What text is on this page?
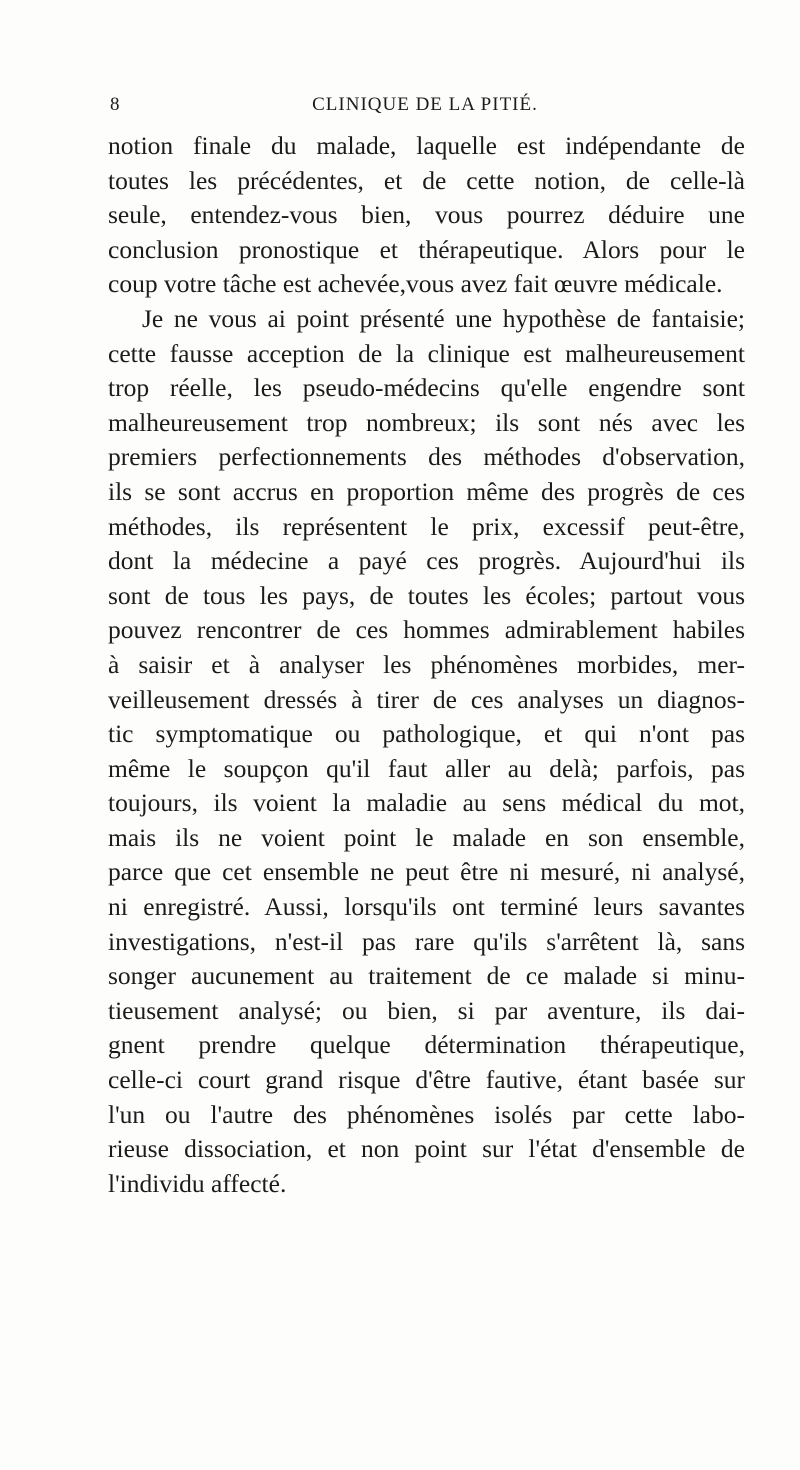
8	CLINIQUE DE LA PITIÉ.
notion finale du malade, laquelle est indépendante de
toutes les précédentes, et de cette notion, de celle-là
seule, entendez-vous bien, vous pourrez déduire une
conclusion pronostique et thérapeutique. Alors pour le
coup votre tâche est achevée,vous avez fait œuvre médicale.
Je ne vous ai point présenté une hypothèse de fantaisie;
cette fausse acception de la clinique est malheureusement
trop réelle, les pseudo-médecins qu'elle engendre sont
malheureusement trop nombreux; ils sont nés avec les
premiers perfectionnements des méthodes d'observation,
ils se sont accrus en proportion même des progrès de ces
méthodes, ils représentent le prix, excessif peut-être,
dont la médecine a payé ces progrès. Aujourd'hui ils
sont de tous les pays, de toutes les écoles; partout vous
pouvez rencontrer de ces hommes admirablement habiles
à saisir et à analyser les phénomènes morbides, mer-
veilleusement dressés à tirer de ces analyses un diagnos-
tic symptomatique ou pathologique, et qui n'ont pas
même le soupçon qu'il faut aller au delà; parfois, pas
toujours, ils voient la maladie au sens médical du mot,
mais ils ne voient point le malade en son ensemble,
parce que cet ensemble ne peut être ni mesuré, ni analysé,
ni enregistré. Aussi, lorsqu'ils ont terminé leurs savantes
investigations, n'est-il pas rare qu'ils s'arrêtent là, sans
songer aucunement au traitement de ce malade si minu-
tieusement analysé; ou bien, si par aventure, ils dai-
gnent prendre quelque détermination thérapeutique,
celle-ci court grand risque d'être fautive, étant basée sur
l'un ou l'autre des phénomènes isolés par cette labo-
rieuse dissociation, et non point sur l'état d'ensemble de
l'individu affecté.
